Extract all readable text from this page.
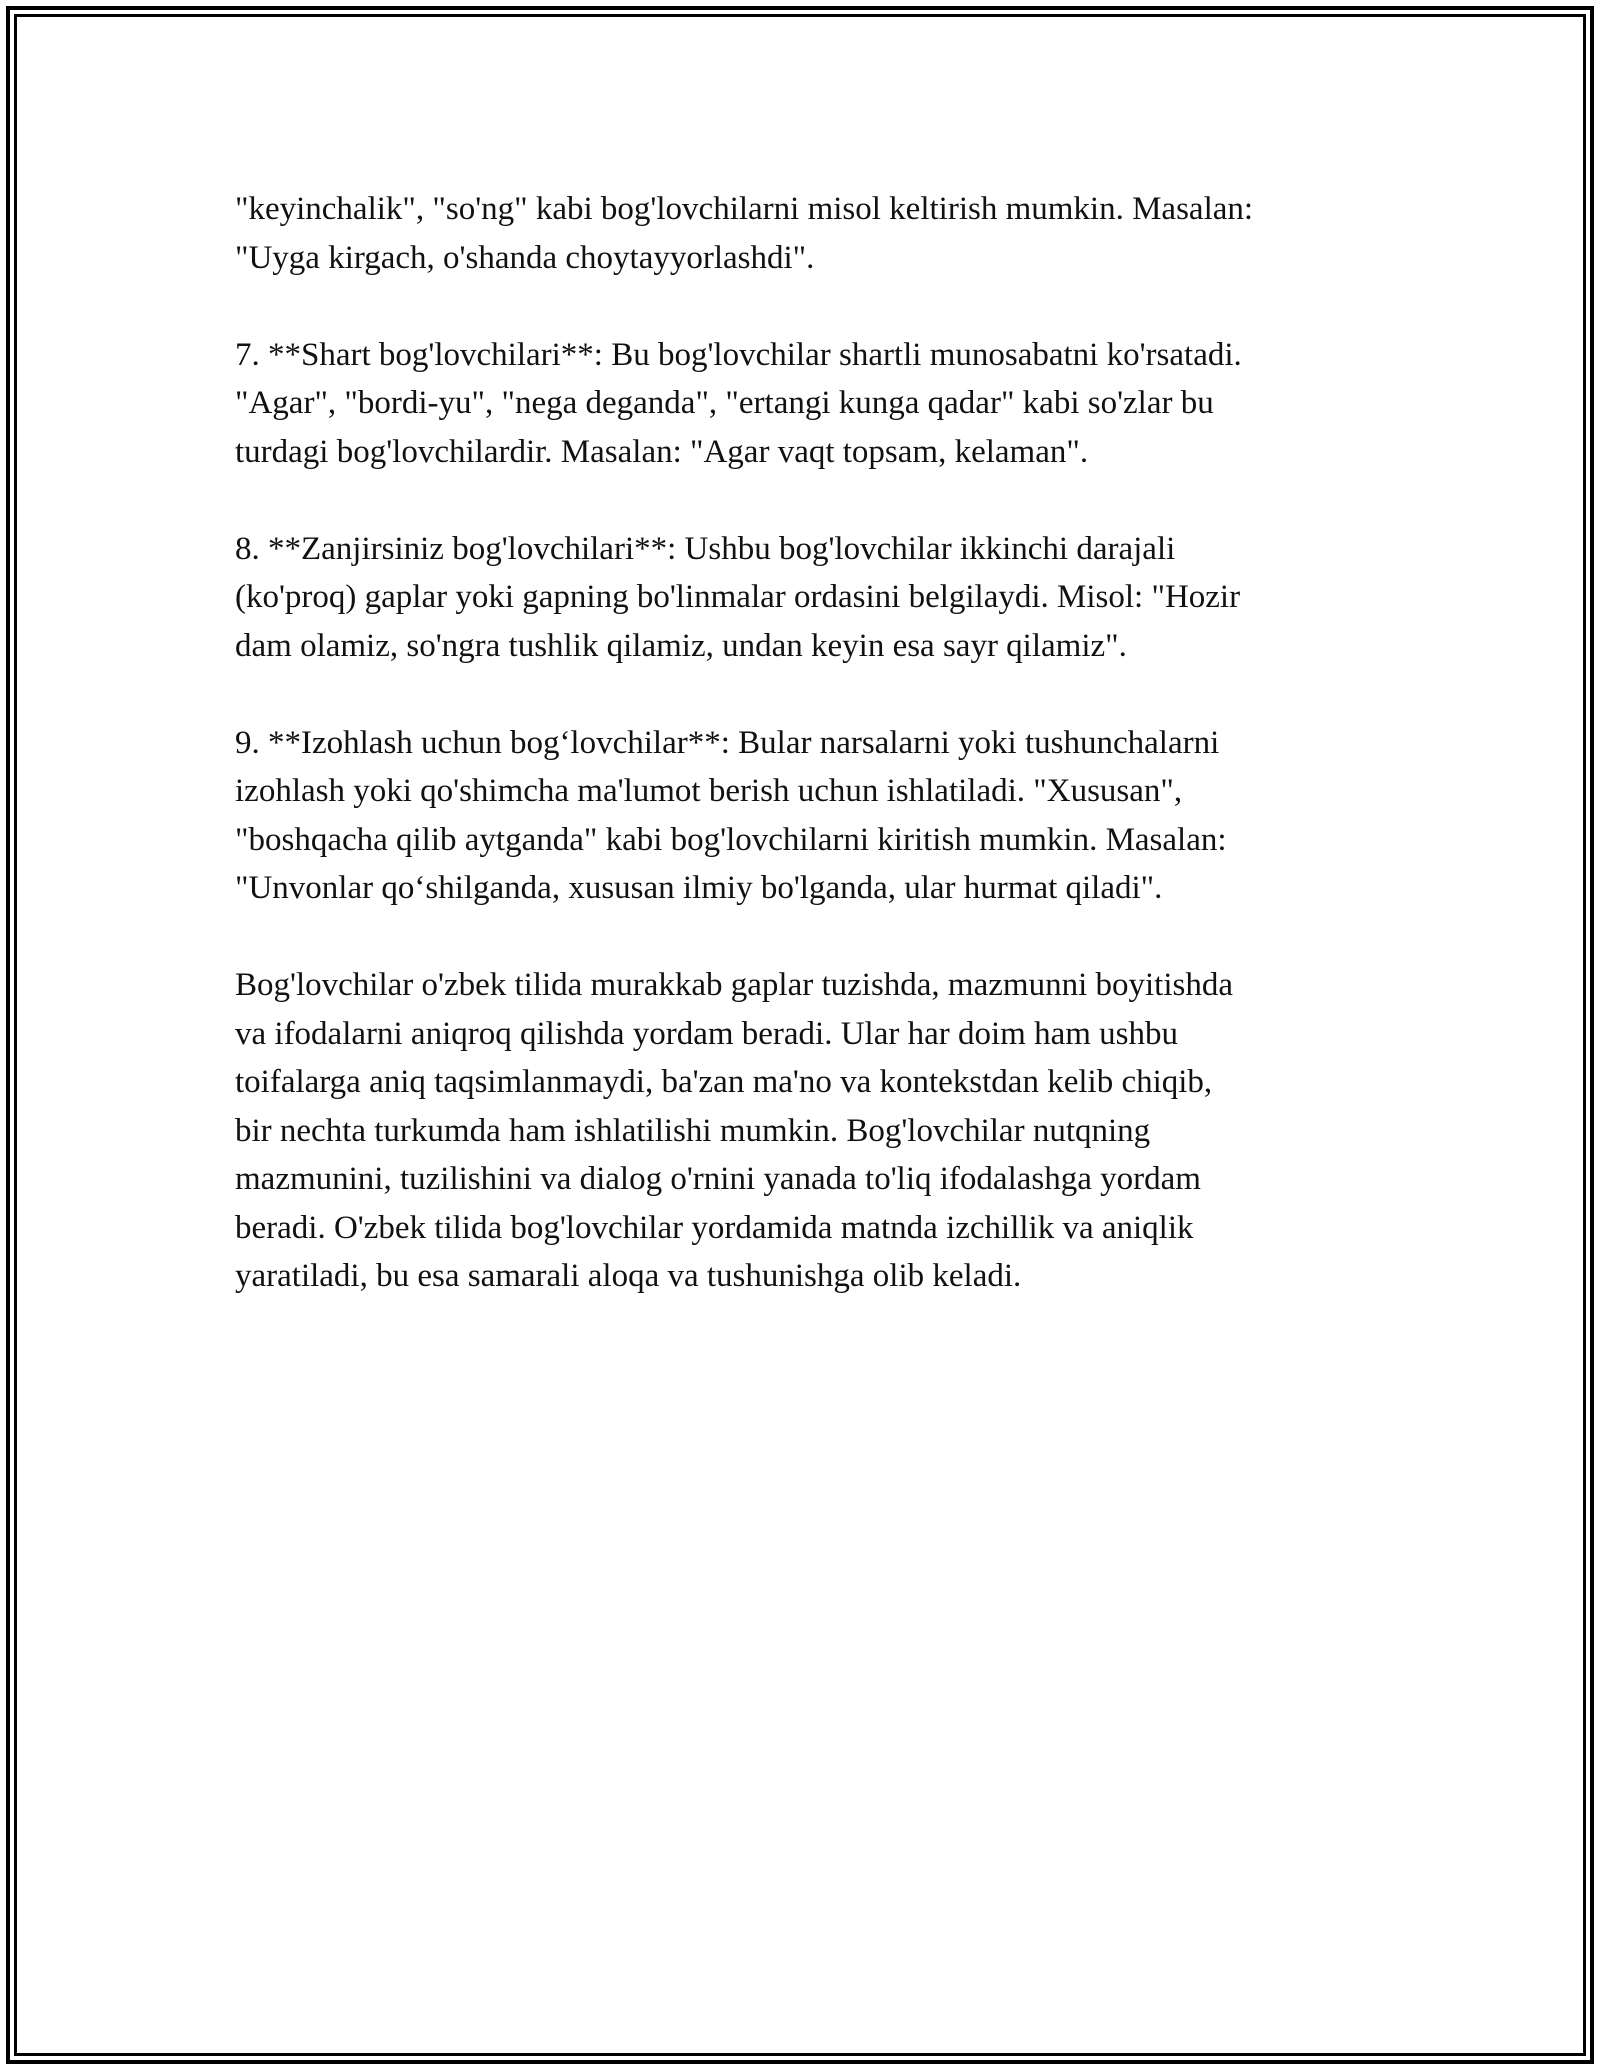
"keyinchalik", "so'ng" kabi bog'lovchilarni misol keltirish mumkin. Masalan:
"Uyga kirgach, o'shanda choytayyorlashdi".

7. **Shart bog'lovchilari**: Bu bog'lovchilar shartli munosabatni ko'rsatadi.
"Agar", "bordi-yu", "nega deganda", "ertangi kunga qadar" kabi so'zlar bu
turdagi bog'lovchilardir. Masalan: "Agar vaqt topsam, kelaman".

8. **Zanjirsiniz bog'lovchilari**: Ushbu bog'lovchilar ikkinchi darajali
(ko'proq) gaplar yoki gapning bo'linmalar ordasini belgilaydi. Misol: "Hozir
dam olamiz, so'ngra tushlik qilamiz, undan keyin esa sayr qilamiz".

9. **Izohlash uchun bog‘lovchilar**: Bular narsalarni yoki tushunchalarni
izohlash yoki qo'shimcha ma'lumot berish uchun ishlatiladi. "Xususan",
"boshqacha qilib aytganda" kabi bog'lovchilarni kiritish mumkin. Masalan:
"Unvonlar qo‘shilganda, xususan ilmiy bo'lganda, ular hurmat qiladi".

Bog'lovchilar o'zbek tilida murakkab gaplar tuzishda, mazmunni boyitishda
va ifodalarni aniqroq qilishda yordam beradi. Ular har doim ham ushbu
toifalarga aniq taqsimlanmaydi, ba'zan ma'no va kontekstdan kelib chiqib,
bir nechta turkumda ham ishlatilishi mumkin. Bog'lovchilar nutqning
mazmunini, tuzilishini va dialog o'rnini yanada to'liq ifodalashga yordam
beradi. O'zbek tilida bog'lovchilar yordamida matnda izchillik va aniqlik
yaratiladi, bu esa samarali aloqa va tushunishga olib keladi.
